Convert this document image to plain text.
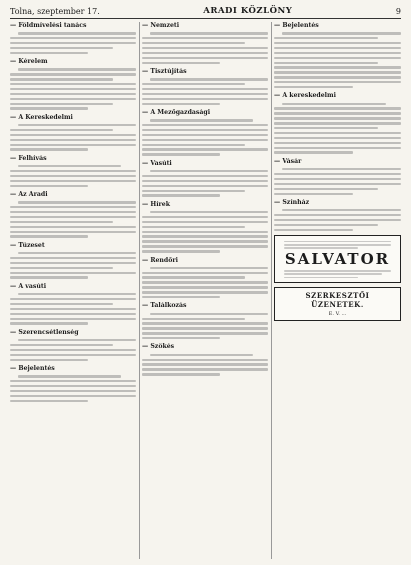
Tolna, szeptember 17.	ARADI KÖZLÖNY	9
— Földmívelési tanács
— Kérelem
— A Kereskedelmi
— Felhívás
— Az Aradi
— Tüzeset
— A vasúti
— Szerencsétlenség
— Bejelentés
— Nemzeti
— Tisztújítás
— A Mezőgazdasági
— Vasúti
— Hírek
— Rendőri
— Találkozás
— Szökés
— Bejelentés
— A kereskedelmi
— Vásár
— Színház
SALVATOR
SZERKESZTŐI ÜZENETEK.
E. V. ...
